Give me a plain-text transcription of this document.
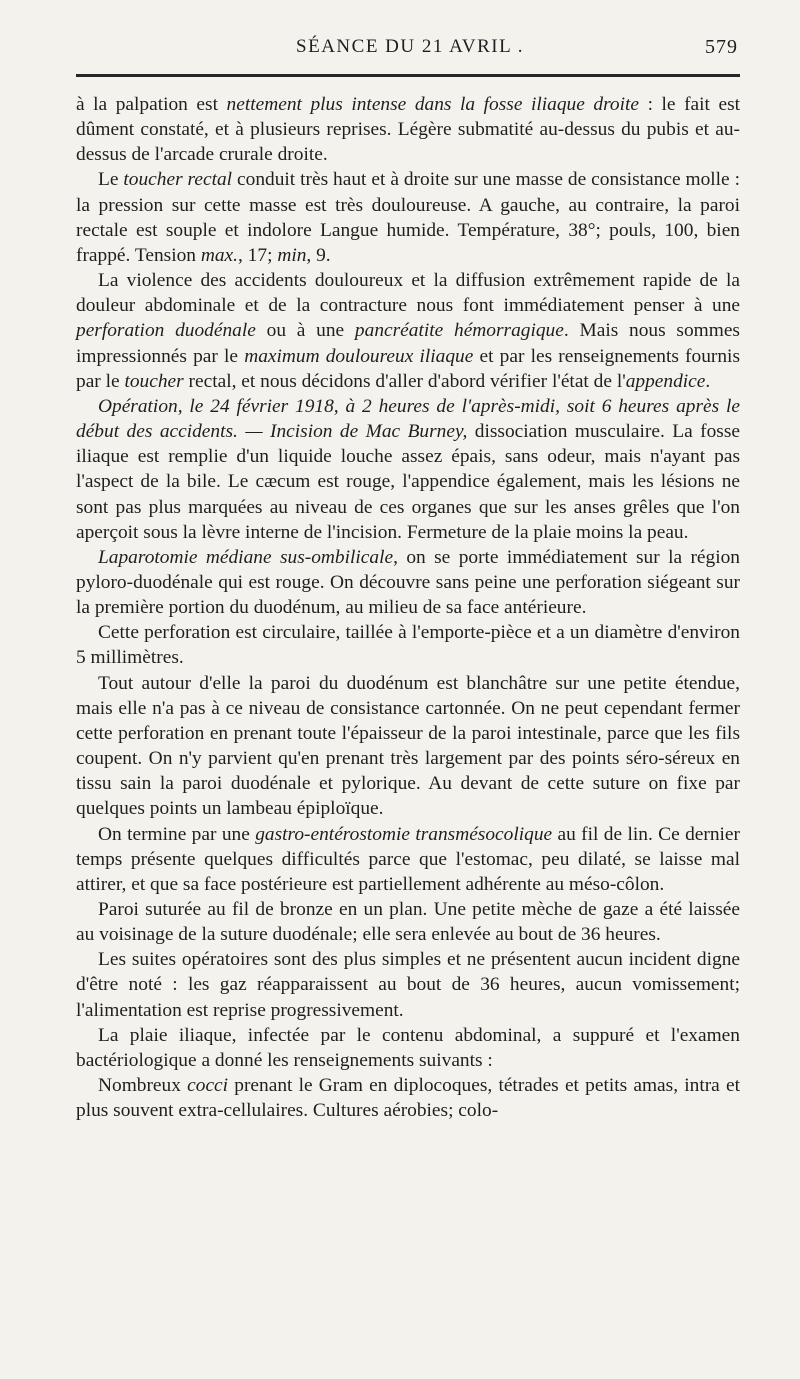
SÉANCE DU 21 AVRIL .	579

à la palpation est nettement plus intense dans la fosse iliaque droite : le fait est dûment constaté, et à plusieurs reprises. Légère submatité au-dessus du pubis et au-dessus de l'arcade crurale droite.

Le toucher rectal conduit très haut et à droite sur une masse de consistance molle : la pression sur cette masse est très douloureuse. A gauche, au contraire, la paroi rectale est souple et indolore Langue humide. Température, 38°; pouls, 100, bien frappé. Tension max., 17; min, 9.

La violence des accidents douloureux et la diffusion extrêmement rapide de la douleur abdominale et de la contracture nous font immédiatement penser à une perforation duodénale ou à une pancréatite hémorragique. Mais nous sommes impressionnés par le maximum douloureux iliaque et par les renseignements fournis par le toucher rectal, et nous décidons d'aller d'abord vérifier l'état de l'appendice.

Opération, le 24 février 1918, à 2 heures de l'après-midi, soit 6 heures après le début des accidents. — Incision de Mac Burney, dissociation musculaire. La fosse iliaque est remplie d'un liquide louche assez épais, sans odeur, mais n'ayant pas l'aspect de la bile. Le cæcum est rouge, l'appendice également, mais les lésions ne sont pas plus marquées au niveau de ces organes que sur les anses grêles que l'on aperçoit sous la lèvre interne de l'incision. Fermeture de la plaie moins la peau.

Laparotomie médiane sus-ombilicale, on se porte immédiatement sur la région pyloro-duodénale qui est rouge. On découvre sans peine une perforation siégeant sur la première portion du duodénum, au milieu de sa face antérieure.

Cette perforation est circulaire, taillée à l'emporte-pièce et a un diamètre d'environ 5 millimètres.

Tout autour d'elle la paroi du duodénum est blanchâtre sur une petite étendue, mais elle n'a pas à ce niveau de consistance cartonnée. On ne peut cependant fermer cette perforation en prenant toute l'épaisseur de la paroi intestinale, parce que les fils coupent. On n'y parvient qu'en prenant très largement par des points séro-séreux en tissu sain la paroi duodénale et pylorique. Au devant de cette suture on fixe par quelques points un lambeau épiploïque.

On termine par une gastro-entérostomie transmésocolique au fil de lin. Ce dernier temps présente quelques difficultés parce que l'estomac, peu dilaté, se laisse mal attirer, et que sa face postérieure est partiellement adhérente au méso-côlon.

Paroi suturée au fil de bronze en un plan. Une petite mèche de gaze a été laissée au voisinage de la suture duodénale; elle sera enlevée au bout de 36 heures.

Les suites opératoires sont des plus simples et ne présentent aucun incident digne d'être noté : les gaz réapparaissent au bout de 36 heures, aucun vomissement; l'alimentation est reprise progressivement.

La plaie iliaque, infectée par le contenu abdominal, a suppuré et l'examen bactériologique a donné les renseignements suivants :

Nombreux cocci prenant le Gram en diplocoques, tétrades et petits amas, intra et plus souvent extra-cellulaires. Cultures aérobies; colo-
